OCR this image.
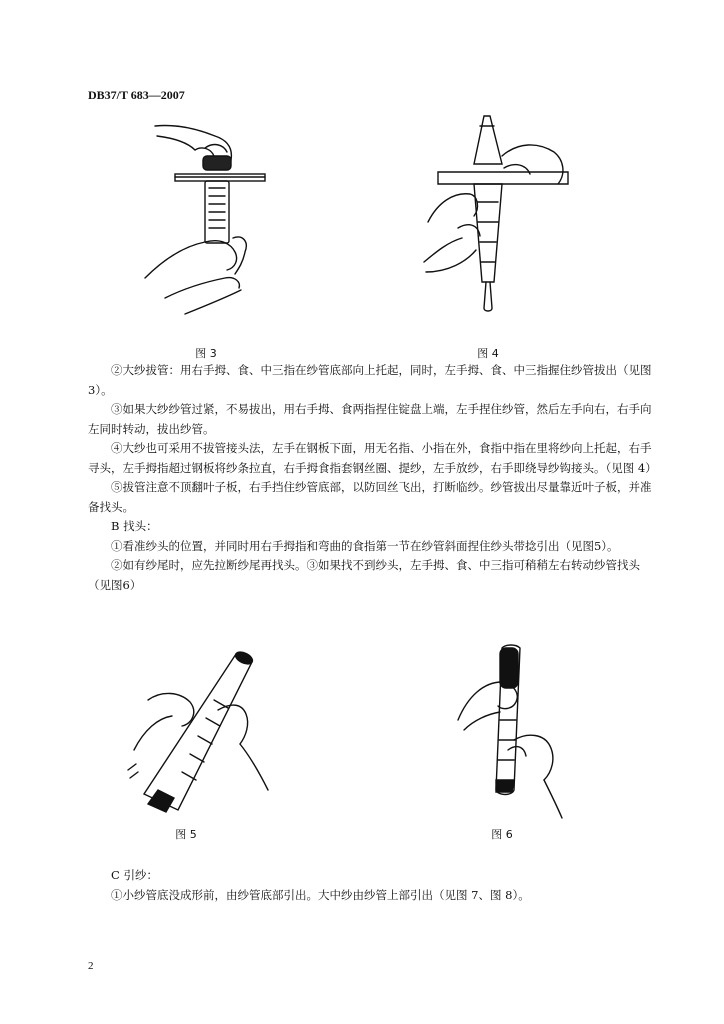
DB37/T 683—2007
图 3	图 4

②大纱拔管：用右手拇、食、中三指在纱管底部向上托起，同时，左手拇、食、中三指握住纱管拔出（见图 3）。

③如果大纱纱管过紧，不易拔出，用右手拇、食两指捏住锭盘上端，左手捏住纱管，然后左手向右，右手向左同时转动，拔出纱管。

④大纱也可采用不拔管接头法，左手在钢板下面，用无名指、小指在外，食指中指在里将纱向上托起，右手寻头，左手拇指超过钢板将纱条拉直，右手拇食指套钢丝圈、提纱，左手放纱，右手即绕导纱钩接头。（见图 4）

⑤拔管注意不顶翻叶子板，右手挡住纱管底部，以防回丝飞出，打断临纱。纱管拔出尽量靠近叶子板，并准备找头。

B 找头：

①看准纱头的位置，并同时用右手拇指和弯曲的食指第一节在纱管斜面捏住纱头带捻引出（见图5）。

②如有纱尾时，应先拉断纱尾再找头。③如果找不到纱头，左手拇、食、中三指可稍稍左右转动纱管找头（见图6）

图 5	图 6

C 引纱：

①小纱管底没成形前，由纱管底部引出。大中纱由纱管上部引出（见图 7、图 8）。

2
